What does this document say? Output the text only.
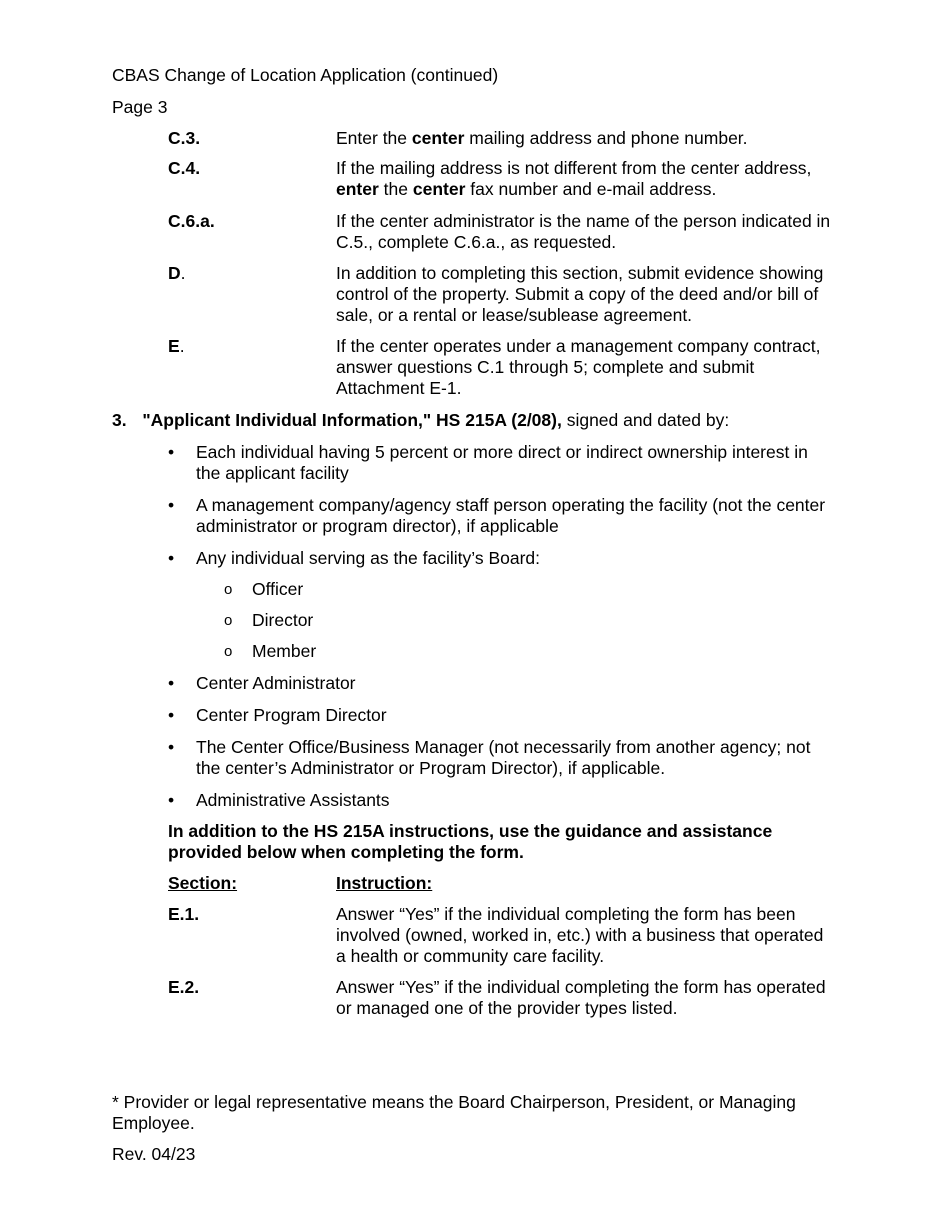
CBAS Change of Location Application (continued)
Page 3
C.3.	Enter the center mailing address and phone number.
C.4.	If the mailing address is not different from the center address, enter the center fax number and e-mail address.
C.6.a.	If the center administrator is the name of the person indicated in C.5., complete C.6.a., as requested.
D.	In addition to completing this section, submit evidence showing control of the property. Submit a copy of the deed and/or bill of sale, or a rental or lease/sublease agreement.
E.	If the center operates under a management company contract, answer questions C.1 through 5; complete and submit Attachment E-1.
3. "Applicant Individual Information," HS 215A (2/08), signed and dated by:
• Each individual having 5 percent or more direct or indirect ownership interest in the applicant facility
• A management company/agency staff person operating the facility (not the center administrator or program director), if applicable
• Any individual serving as the facility’s Board:
o Officer
o Director
o Member
• Center Administrator
• Center Program Director
• The Center Office/Business Manager (not necessarily from another agency; not the center’s Administrator or Program Director), if applicable.
• Administrative Assistants
In addition to the HS 215A instructions, use the guidance and assistance provided below when completing the form.
Section:	Instruction:
E.1.	Answer “Yes” if the individual completing the form has been involved (owned, worked in, etc.) with a business that operated a health or community care facility.
E.2.	Answer “Yes” if the individual completing the form has operated or managed one of the provider types listed.
* Provider or legal representative means the Board Chairperson, President, or Managing Employee.
Rev. 04/23
